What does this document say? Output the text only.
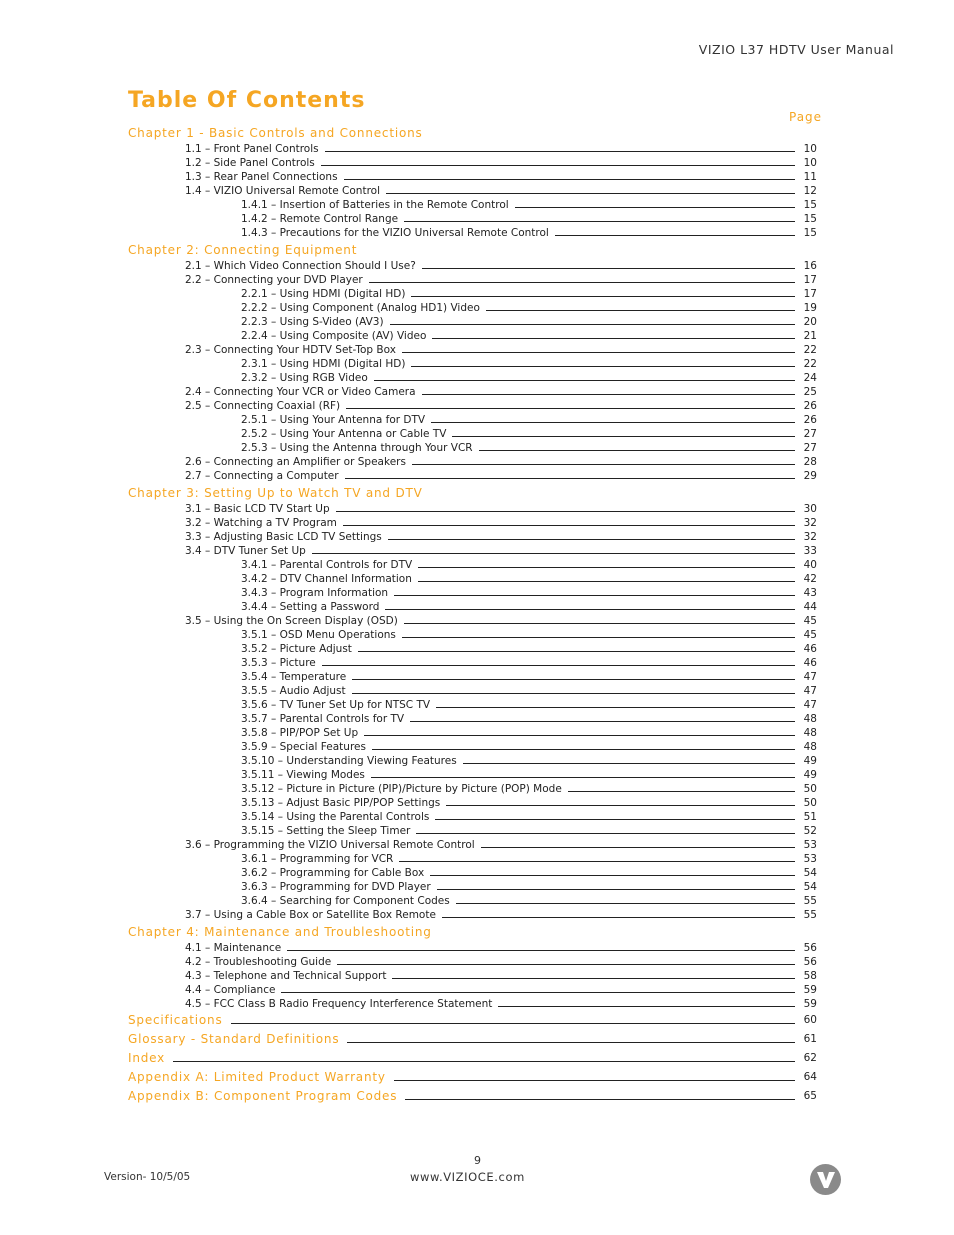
VIZIO L37 HDTV User Manual
Table Of Contents
Page
Chapter 1 - Basic Controls and Connections
1.1 – Front Panel Controls	10
1.2 – Side Panel Controls	10
1.3 – Rear Panel Connections	11
1.4 – VIZIO Universal Remote Control	12
1.4.1 – Insertion of Batteries in the Remote Control	15
1.4.2 – Remote Control Range	15
1.4.3 – Precautions for the VIZIO Universal Remote Control	15
Chapter 2: Connecting Equipment
2.1 – Which Video Connection Should I Use?	16
2.2 – Connecting your DVD Player	17
2.2.1 – Using HDMI (Digital HD)	17
2.2.2 – Using Component (Analog HD1) Video	19
2.2.3 – Using S-Video (AV3)	20
2.2.4 – Using Composite (AV) Video	21
2.3 – Connecting Your HDTV Set-Top Box	22
2.3.1 – Using HDMI (Digital HD)	22
2.3.2 – Using RGB Video	24
2.4 – Connecting Your VCR or Video Camera	25
2.5 – Connecting Coaxial (RF)	26
2.5.1 – Using Your Antenna for DTV	26
2.5.2 – Using Your Antenna or Cable TV	27
2.5.3 – Using the Antenna through Your VCR	27
2.6 – Connecting an Amplifier or Speakers	28
2.7 – Connecting a Computer	29
Chapter 3: Setting Up to Watch TV and DTV
3.1 – Basic LCD TV Start Up	30
3.2 – Watching a TV Program	32
3.3 – Adjusting Basic LCD TV Settings	32
3.4 – DTV Tuner Set Up	33
3.4.1 – Parental Controls for DTV	40
3.4.2 – DTV Channel Information	42
3.4.3 – Program Information	43
3.4.4 – Setting a Password	44
3.5 – Using the On Screen Display (OSD)	45
3.5.1 – OSD Menu Operations	45
3.5.2 – Picture Adjust	46
3.5.3 – Picture	46
3.5.4 – Temperature	47
3.5.5 – Audio Adjust	47
3.5.6 – TV Tuner Set Up for NTSC TV	47
3.5.7 – Parental Controls for TV	48
3.5.8 – PIP/POP Set Up	48
3.5.9 – Special Features	48
3.5.10 – Understanding Viewing Features	49
3.5.11 – Viewing Modes	49
3.5.12 – Picture in Picture (PIP)/Picture by Picture (POP) Mode	50
3.5.13 – Adjust Basic PIP/POP Settings	50
3.5.14 – Using the Parental Controls	51
3.5.15 – Setting the Sleep Timer	52
3.6 – Programming the VIZIO Universal Remote Control	53
3.6.1 – Programming for VCR	53
3.6.2 – Programming for Cable Box	54
3.6.3 – Programming for DVD Player	54
3.6.4 – Searching for Component Codes	55
3.7 – Using a Cable Box or Satellite Box Remote	55
Chapter 4: Maintenance and Troubleshooting
4.1 – Maintenance	56
4.2 – Troubleshooting Guide	56
4.3 – Telephone and Technical Support	58
4.4 – Compliance	59
4.5 – FCC Class B Radio Frequency Interference Statement	59
Specifications	60
Glossary - Standard Definitions	61
Index	62
Appendix A: Limited Product Warranty	64
Appendix B: Component Program Codes	65
9
Version- 10/5/05	www.VIZIOCE.com
